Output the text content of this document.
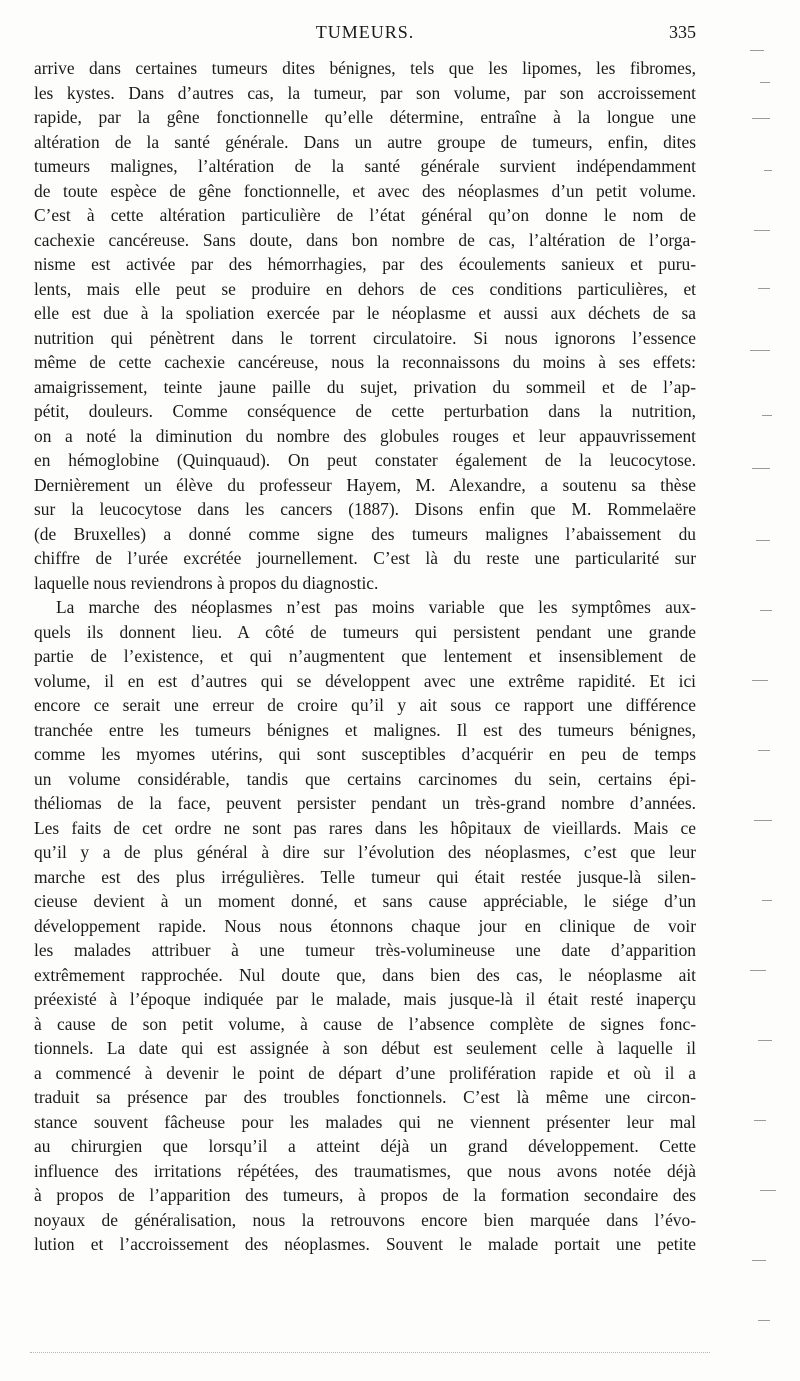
TUMEURS.	335
arrive dans certaines tumeurs dites bénignes, tels que les lipomes, les fibromes,
les kystes. Dans d’autres cas, la tumeur, par son volume, par son accroissement
rapide, par la gêne fonctionnelle qu’elle détermine, entraîne à la longue une
altération de la santé générale. Dans un autre groupe de tumeurs, enfin, dites
tumeurs malignes, l’altération de la santé générale survient indépendamment
de toute espèce de gêne fonctionnelle, et avec des néoplasmes d’un petit volume.
C’est à cette altération particulière de l’état général qu’on donne le nom de
cachexie cancéreuse. Sans doute, dans bon nombre de cas, l’altération de l’orga-
nisme est activée par des hémorrhagies, par des écoulements sanieux et puru-
lents, mais elle peut se produire en dehors de ces conditions particulières, et
elle est due à la spoliation exercée par le néoplasme et aussi aux déchets de sa
nutrition qui pénètrent dans le torrent circulatoire. Si nous ignorons l’essence
même de cette cachexie cancéreuse, nous la reconnaissons du moins à ses effets:
amaigrissement, teinte jaune paille du sujet, privation du sommeil et de l’ap-
pétit, douleurs. Comme conséquence de cette perturbation dans la nutrition,
on a noté la diminution du nombre des globules rouges et leur appauvrissement
en hémoglobine (Quinquaud). On peut constater également de la leucocytose.
Dernièrement un élève du professeur Hayem, M. Alexandre, a soutenu sa thèse
sur la leucocytose dans les cancers (1887). Disons enfin que M. Rommelaëre
(de Bruxelles) a donné comme signe des tumeurs malignes l’abaissement du
chiffre de l’urée excrétée journellement. C’est là du reste une particularité sur
laquelle nous reviendrons à propos du diagnostic.
La marche des néoplasmes n’est pas moins variable que les symptômes aux-
quels ils donnent lieu. A côté de tumeurs qui persistent pendant une grande
partie de l’existence, et qui n’augmentent que lentement et insensiblement de
volume, il en est d’autres qui se développent avec une extrême rapidité. Et ici
encore ce serait une erreur de croire qu’il y ait sous ce rapport une différence
tranchée entre les tumeurs bénignes et malignes. Il est des tumeurs bénignes,
comme les myomes utérins, qui sont susceptibles d’acquérir en peu de temps
un volume considérable, tandis que certains carcinomes du sein, certains épi-
théliomas de la face, peuvent persister pendant un très-grand nombre d’années.
Les faits de cet ordre ne sont pas rares dans les hôpitaux de vieillards. Mais ce
qu’il y a de plus général à dire sur l’évolution des néoplasmes, c’est que leur
marche est des plus irrégulières. Telle tumeur qui était restée jusque-là silen-
cieuse devient à un moment donné, et sans cause appréciable, le siége d’un
développement rapide. Nous nous étonnons chaque jour en clinique de voir
les malades attribuer à une tumeur très-volumineuse une date d’apparition
extrêmement rapprochée. Nul doute que, dans bien des cas, le néoplasme ait
préexisté à l’époque indiquée par le malade, mais jusque-là il était resté inaperçu
à cause de son petit volume, à cause de l’absence complète de signes fonc-
tionnels. La date qui est assignée à son début est seulement celle à laquelle il
a commencé à devenir le point de départ d’une prolifération rapide et où il a
traduit sa présence par des troubles fonctionnels. C’est là même une circon-
stance souvent fâcheuse pour les malades qui ne viennent présenter leur mal
au chirurgien que lorsqu’il a atteint déjà un grand développement. Cette
influence des irritations répétées, des traumatismes, que nous avons notée déjà
à propos de l’apparition des tumeurs, à propos de la formation secondaire des
noyaux de généralisation, nous la retrouvons encore bien marquée dans l’évo-
lution et l’accroissement des néoplasmes. Souvent le malade portait une petite
